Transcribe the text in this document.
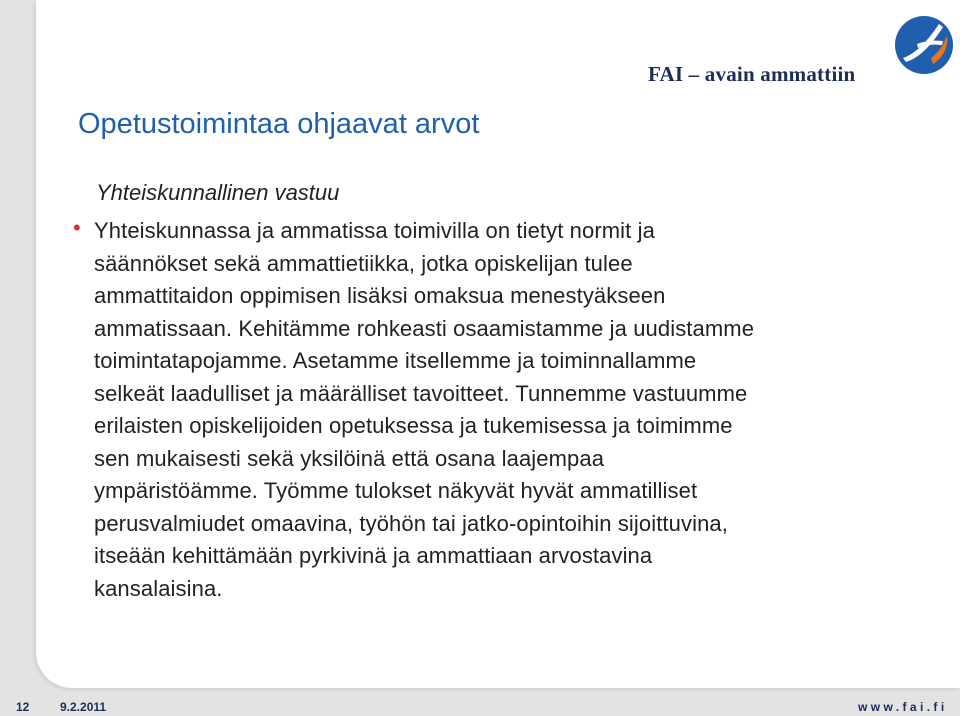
FAI – avain ammattiin
Opetustoimintaa ohjaavat arvot
Yhteiskunnallinen vastuu
• Yhteiskunnassa ja ammatissa toimivilla on tietyt normit ja
säännökset sekä ammattietiikka, jotka opiskelijan tulee
ammattitaidon oppimisen lisäksi omaksua menestyäkseen
ammatissaan. Kehitämme rohkeasti osaamistamme ja uudistamme
toimintatapojamme. Asetamme itsellemme ja toiminnallamme
selkeät laadulliset ja määrälliset tavoitteet. Tunnemme vastuumme
erilaisten opiskelijoiden opetuksessa ja tukemisessa ja toimimme
sen mukaisesti sekä yksilöinä että osana laajempaa
ympäristöämme. Työmme tulokset näkyvät hyvät ammatilliset
perusvalmiudet omaavina, työhön tai jatko-opintoihin sijoittuvina,
itseään kehittämään pyrkivinä ja ammattiaan arvostavina
kansalaisina.
12	9.2.2011	www.fai.fi
